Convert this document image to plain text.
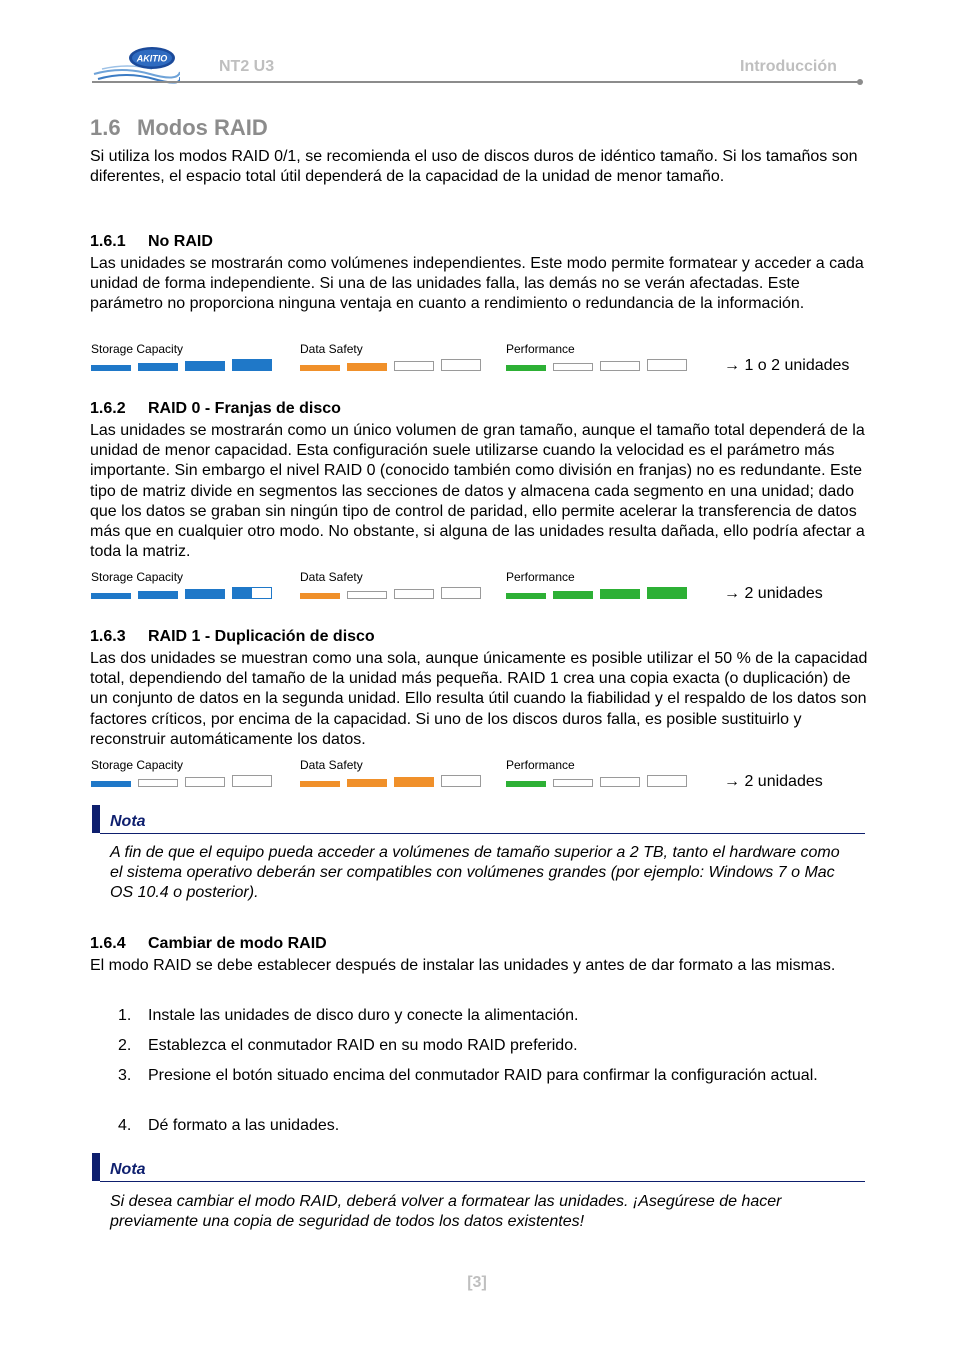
AKITIO	NT2 U3	Introducción
1.6 Modos RAID

Si utiliza los modos RAID 0/1, se recomienda el uso de discos duros de idéntico tamaño. Si los tamaños son diferentes, el espacio total útil dependerá de la capacidad de la unidad de menor tamaño.

1.6.1 No RAID

Las unidades se mostrarán como volúmenes independientes. Este modo permite formatear y acceder a cada unidad de forma independiente. Si una de las unidades falla, las demás no se verán afectadas. Este parámetro no proporciona ninguna ventaja en cuanto a rendimiento o redundancia de la información.

Storage Capacity	Data Safety	Performance
→ 1 o 2 unidades
1.6.2 RAID 0 - Franjas de disco

Las unidades se mostrarán como un único volumen de gran tamaño, aunque el tamaño total dependerá de la unidad de menor capacidad. Esta configuración suele utilizarse cuando la velocidad es el parámetro más importante. Sin embargo el nivel RAID 0 (conocido también como división en franjas) no es redundante. Este tipo de matriz divide en segmentos las secciones de datos y almacena cada segmento en una unidad; dado que los datos se graban sin ningún tipo de control de paridad, ello permite acelerar la transferencia de datos más que en cualquier otro modo. No obstante, si alguna de las unidades resulta dañada, ello podría afectar a toda la matriz.

Storage Capacity	Data Safety	Performance
→ 2 unidades
1.6.3 RAID 1 - Duplicación de disco

Las dos unidades se muestran como una sola, aunque únicamente es posible utilizar el 50 % de la capacidad total, dependiendo del tamaño de la unidad más pequeña. RAID 1 crea una copia exacta (o duplicación) de un conjunto de datos en la segunda unidad. Ello resulta útil cuando la fiabilidad y el respaldo de los datos son factores críticos, por encima de la capacidad. Si uno de los discos duros falla, es posible sustituirlo y reconstruir automáticamente los datos.

Storage Capacity	Data Safety	Performance
→ 2 unidades
Nota
A fin de que el equipo pueda acceder a volúmenes de tamaño superior a 2 TB, tanto el hardware como el sistema operativo deberán ser compatibles con volúmenes grandes (por ejemplo: Windows 7 o Mac OS 10.4 o posterior).
1.6.4 Cambiar de modo RAID

El modo RAID se debe establecer después de instalar las unidades y antes de dar formato a las mismas.

1. Instale las unidades de disco duro y conecte la alimentación.
2. Establezca el conmutador RAID en su modo RAID preferido.
3. Presione el botón situado encima del conmutador RAID para confirmar la configuración actual.
4. Dé formato a las unidades.
Nota
Si desea cambiar el modo RAID, deberá volver a formatear las unidades. ¡Asegúrese de hacer previamente una copia de seguridad de todos los datos existentes!
[3]
